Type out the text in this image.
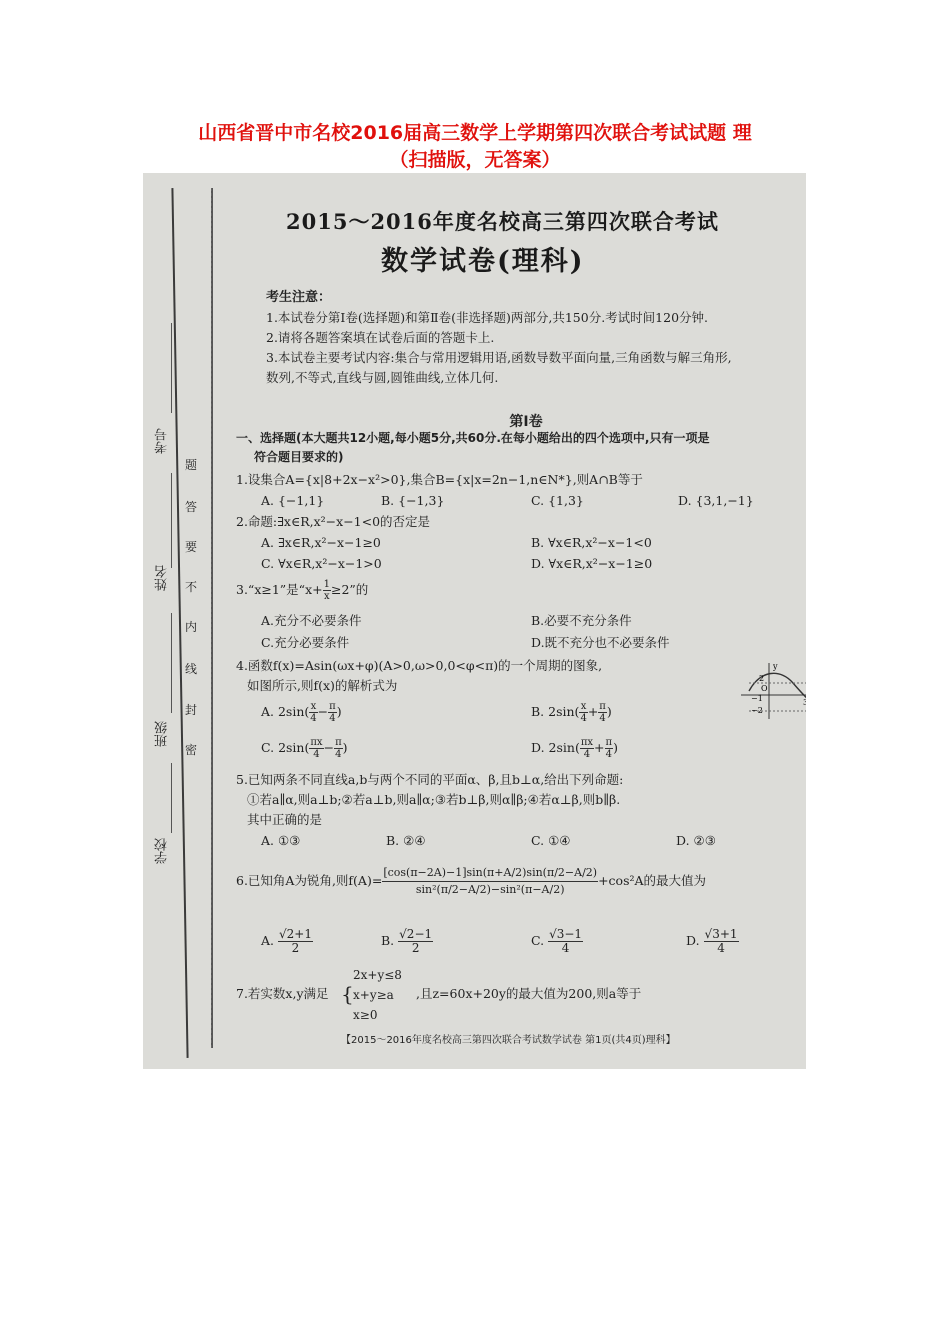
山西省晋中市名校2016届高三数学上学期第四次联合考试试题 理
（扫描版，无答案）
考号
姓名
班级
学校
题
答
要
不
内
线
封
密
2015～2016年度名校高三第四次联合考试
数学试卷(理科)
考生注意：
1.本试卷分第Ⅰ卷(选择题)和第Ⅱ卷(非选择题)两部分,共150分.考试时间120分钟.
2.请将各题答案填在试卷后面的答题卡上.
3.本试卷主要考试内容:集合与常用逻辑用语,函数导数平面向量,三角函数与解三角形,
数列,不等式,直线与圆,圆锥曲线,立体几何.
第Ⅰ卷
一、选择题(本大题共12小题,每小题5分,共60分.在每小题给出的四个选项中,只有一项是
符合题目要求的)
1.设集合A={x|8+2x−x²>0},集合B={x|x=2n−1,n∈N*},则A∩B等于
A. {−1,1}	B. {−1,3}	C. {1,3}	D. {3,1,−1}
2.命题:∃x∈R,x²−x−1<0的否定是
A. ∃x∈R,x²−x−1≥0	B. ∀x∈R,x²−x−1<0
C. ∀x∈R,x²−x−1>0	D. ∀x∈R,x²−x−1≥0
3.“x≥1”是“$x+ \frac{1}{x} \ge 2$”的
A.充分不必要条件	B.必要不充分条件
C.充分必要条件	D.既不充分也不必要条件
4.函数f(x)=Asin(ωx+φ)(A>0,ω>0,0<φ<π)的一个周期的图象,
如图所示,则f(x)的解析式为
y
x
O
2
−1
−2
3
7
A. $2\sin( \frac{x}{4} - \frac{\pi}{4}$ )	B. $2\sin( \frac{x}{4} + \frac{\pi}{4}$ )
C. $2\sin( \frac{\pi x}{4} - \frac{\pi}{4}$ )	D. $2\sin( \frac{\pi x}{4} + \frac{\pi}{4}$ )
5.已知两条不同直线a,b与两个不同的平面α、β,且b⊥α,给出下列命题:
①若a∥α,则a⊥b;②若a⊥b,则a∥α;③若b⊥β,则α∥β;④若α⊥β,则b∥β.
其中正确的是
A. ①③	B. ②④	C. ①④	D. ②③
6.已知角A为锐角,则$f(A)= \frac{[\cos(\pi-2A)-1]\sin(\pi+A/2)\sin(\pi/2-A/2)}{\text{sin²(π/2−A/2)−sin²(π−A/2)}} +\cos^2A$的最大值为
A. $\frac{√2+1}{2}$	B. $\frac{√2-1}{2}$	C. $\frac{√3-1}{4}$	D. $\frac{√3+1}{4}$
7.若实数x,y满足 {
2x+y≤8
x+y≥a
x≥0
,且z=60x+20y的最大值为200,则a等于
【2015～2016年度名校高三第四次联合考试数学试卷 第1页(共4页)理科】
